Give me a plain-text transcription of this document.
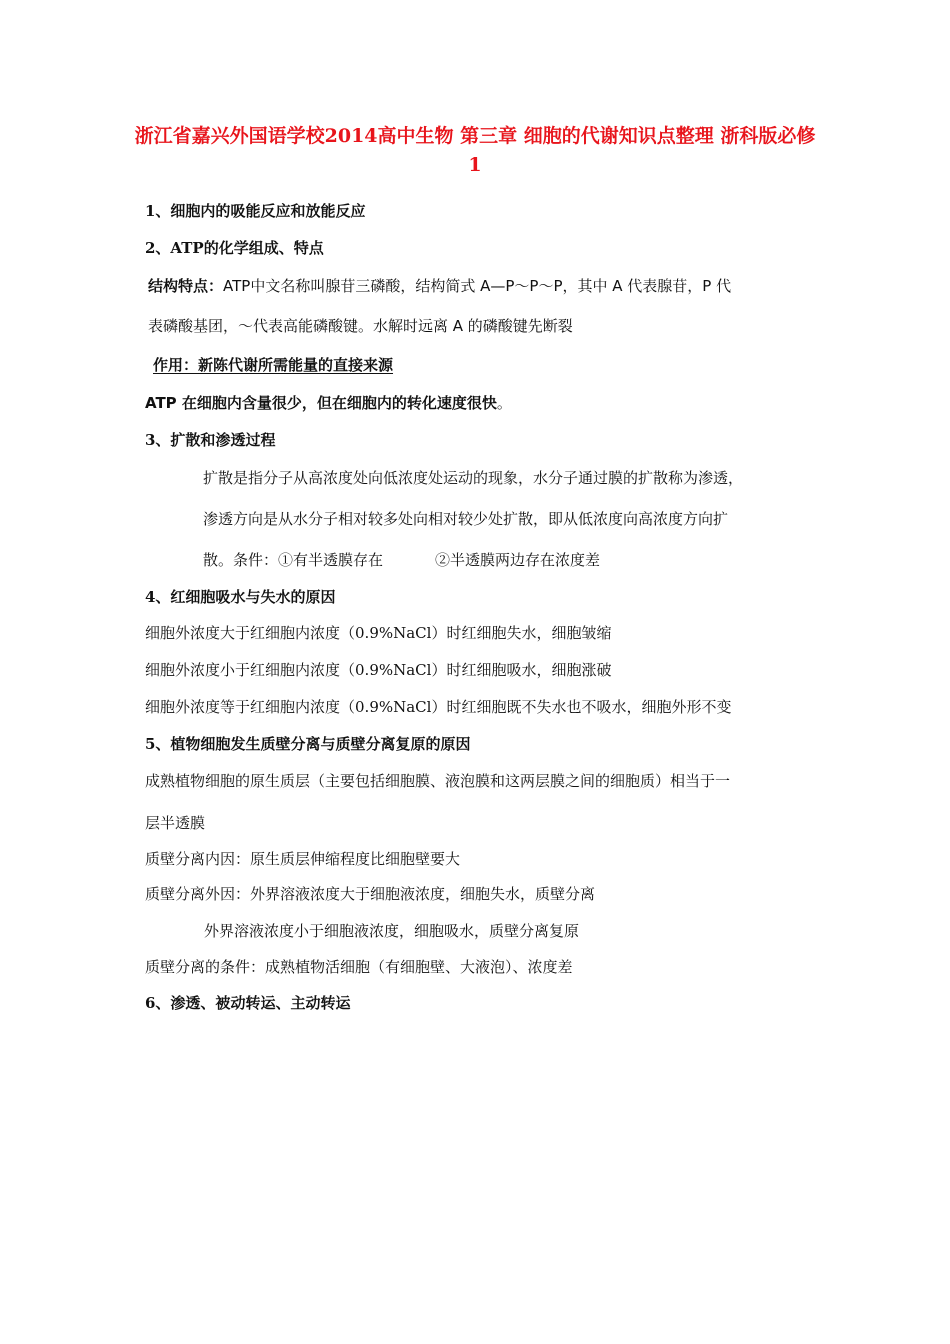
浙江省嘉兴外国语学校2014高中生物 第三章 细胞的代谢知识点整理 浙科版必修1
1、细胞内的吸能反应和放能反应
2、ATP的化学组成、特点
结构特点：ATP中文名称叫腺苷三磷酸，结构简式 A—P～P～P，其中 A 代表腺苷，P 代
表磷酸基团，～代表高能磷酸键。水解时远离 A 的磷酸键先断裂
作用：新陈代谢所需能量的直接来源
ATP 在细胞内含量很少，但在细胞内的转化速度很快。
3、扩散和渗透过程
扩散是指分子从高浓度处向低浓度处运动的现象，水分子通过膜的扩散称为渗透，
渗透方向是从水分子相对较多处向相对较少处扩散，即从低浓度向高浓度方向扩
散。条件：①有半透膜存在	②半透膜两边存在浓度差
4、红细胞吸水与失水的原因
细胞外浓度大于红细胞内浓度（0.9%NaCl）时红细胞失水，细胞皱缩
细胞外浓度小于红细胞内浓度（0.9%NaCl）时红细胞吸水，细胞涨破
细胞外浓度等于红细胞内浓度（0.9%NaCl）时红细胞既不失水也不吸水，细胞外形不变
5、植物细胞发生质壁分离与质壁分离复原的原因
成熟植物细胞的原生质层（主要包括细胞膜、液泡膜和这两层膜之间的细胞质）相当于一
层半透膜
质壁分离内因：原生质层伸缩程度比细胞壁要大
质壁分离外因：外界溶液浓度大于细胞液浓度，细胞失水，质壁分离
外界溶液浓度小于细胞液浓度，细胞吸水，质壁分离复原
质壁分离的条件：成熟植物活细胞（有细胞壁、大液泡）、浓度差
6、渗透、被动转运、主动转运
